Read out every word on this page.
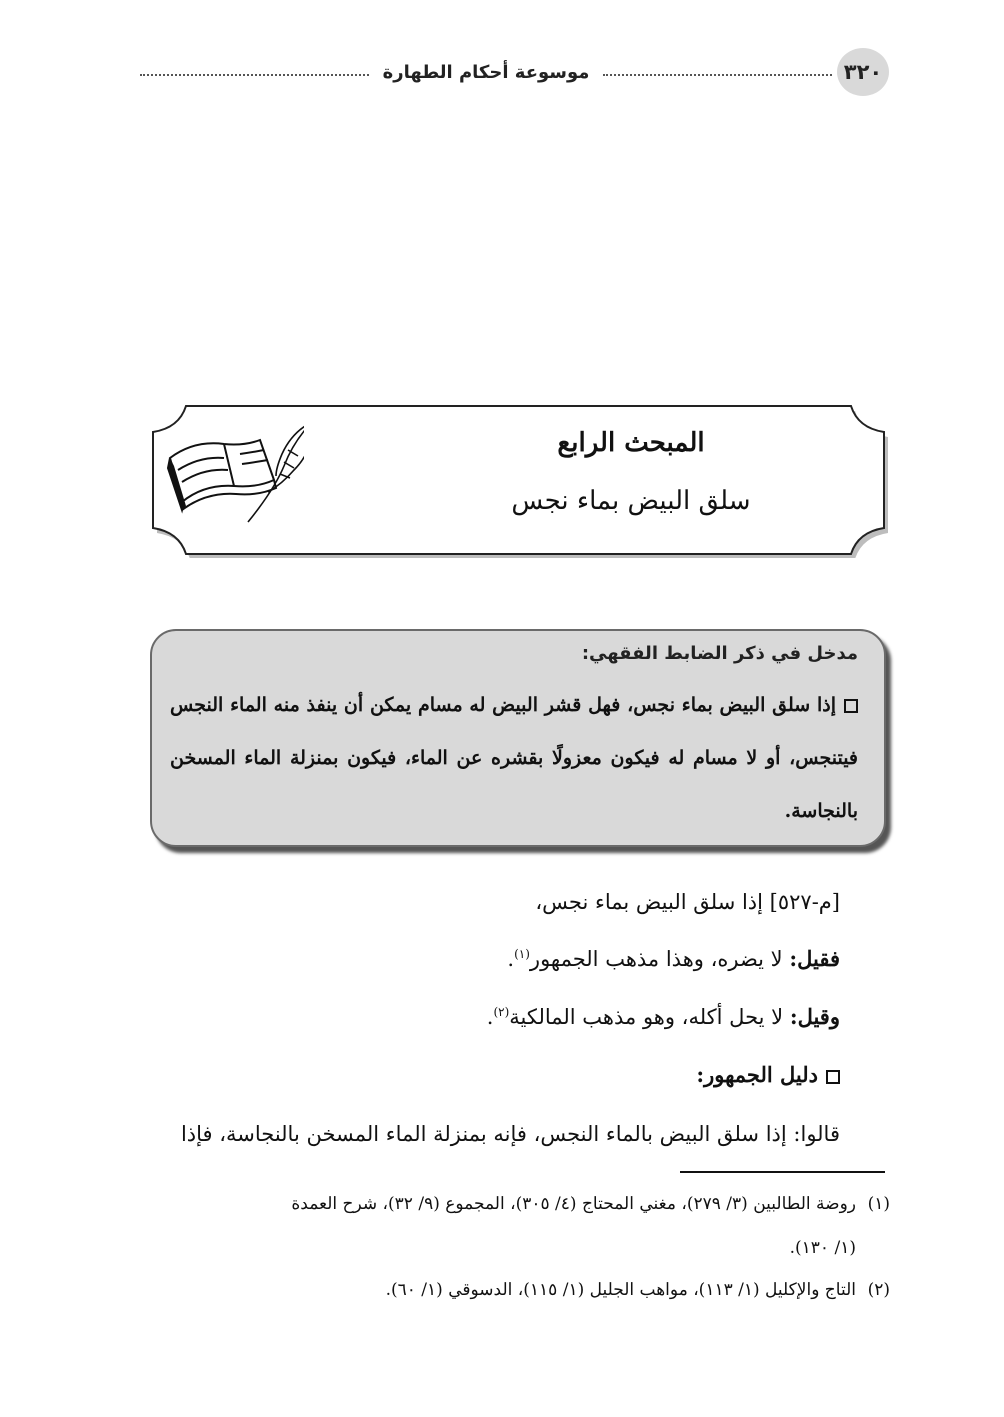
موسوعة أحكام الطهارة	٣٢٠
المبحث الرابع
سلق البيض بماء نجس
مدخل في ذكر الضابط الفقهي:
إذا سلق البيض بماء نجس، فهل قشر البيض له مسام يمكن أن ينفذ منه الماء النجس فيتنجس، أو لا مسام له فيكون معزولًا بقشره عن الماء، فيكون بمنزلة الماء المسخن بالنجاسة.
[م-٥٢٧] إذا سلق البيض بماء نجس،
فقيل: لا يضره، وهذا مذهب الجمهور$^{(١)}$.
وقيل: لا يحل أكله، وهو مذهب المالكية$^{(٢)}$.
دليل الجمهور:
قالوا: إذا سلق البيض بالماء النجس، فإنه بمنزلة الماء المسخن بالنجاسة، فإذا
(١)روضة الطالبين (٣/ ٢٧٩)، مغني المحتاج (٤/ ٣٠٥)، المجموع (٩/ ٣٢)، شرح العمدة
(١/ ١٣٠).
(٢)التاج والإكليل (١/ ١١٣)، مواهب الجليل (١/ ١١٥)، الدسوقي (١/ ٦٠).
